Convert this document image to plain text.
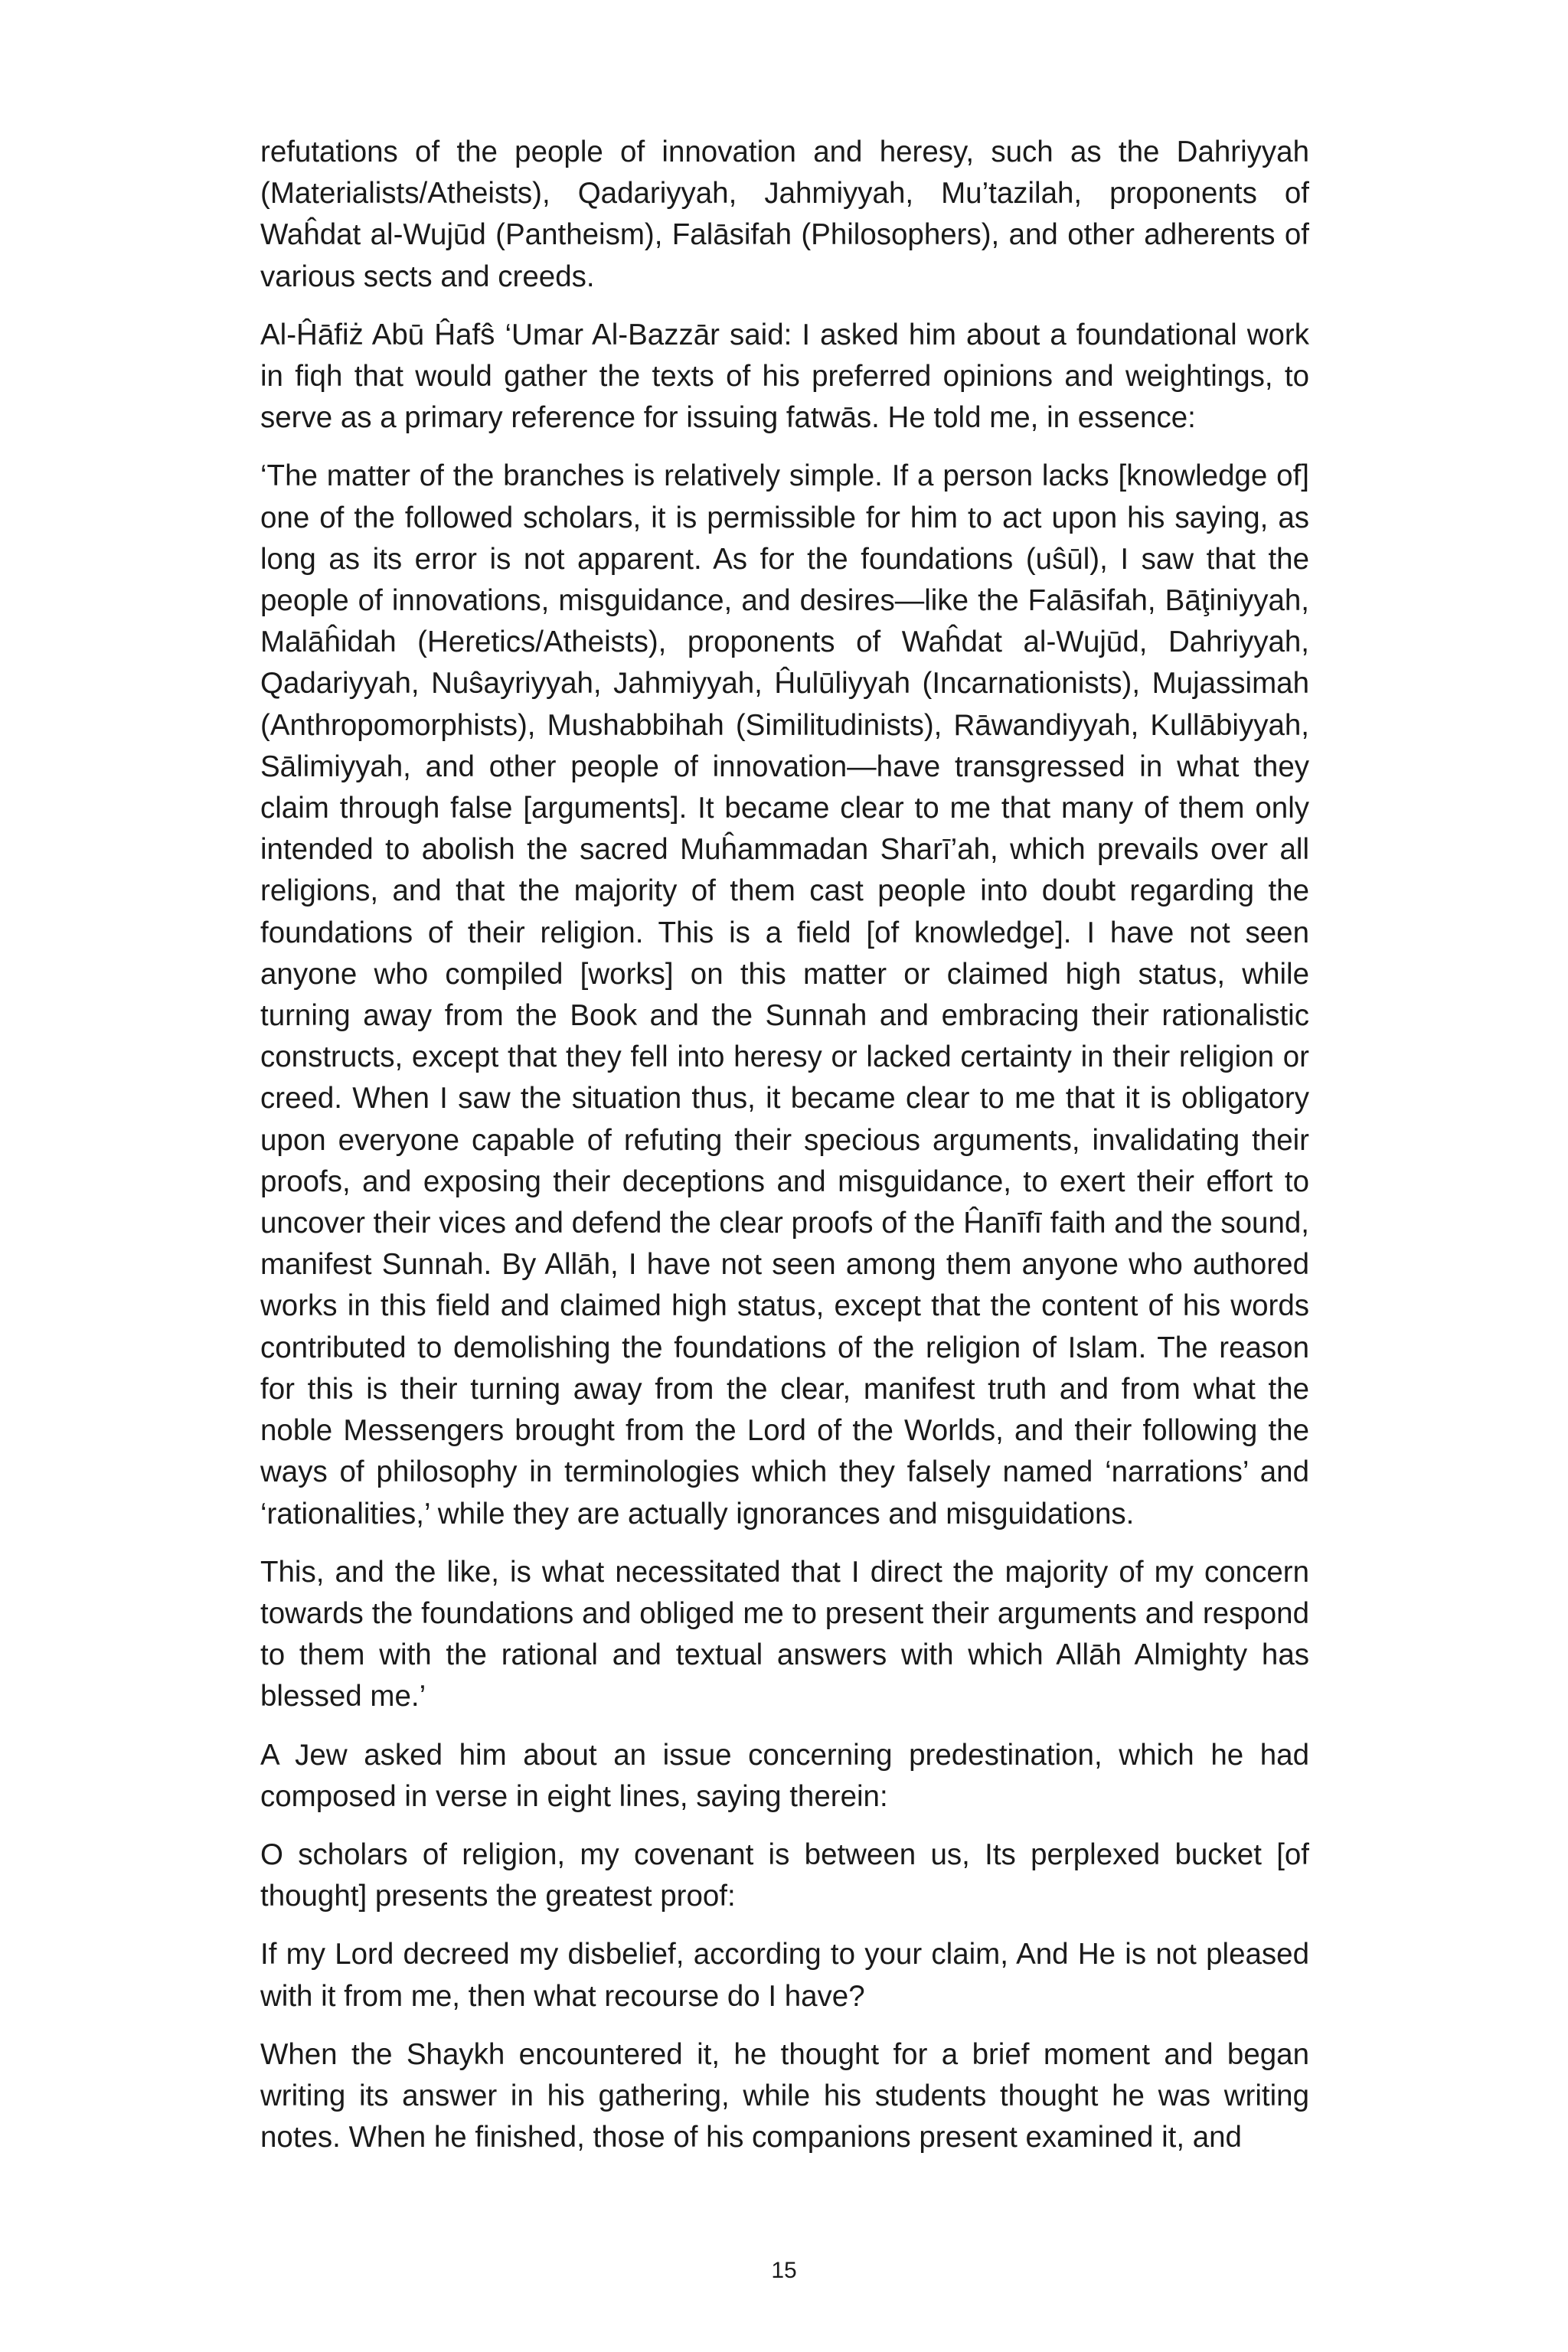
refutations of the people of innovation and heresy, such as the Dahriyyah (Materialists/Atheists), Qadariyyah, Jahmiyyah, Mu’tazilah, proponents of Waĥdat al-Wujūd (Pantheism), Falāsifah (Philosophers), and other adherents of various sects and creeds.

Al-Ĥāfiż Abū Ĥafŝ ‘Umar Al-Bazzār said: I asked him about a foundational work in fiqh that would gather the texts of his preferred opinions and weightings, to serve as a primary reference for issuing fatwās. He told me, in essence:

‘The matter of the branches is relatively simple. If a person lacks [knowledge of] one of the followed scholars, it is permissible for him to act upon his saying, as long as its error is not apparent. As for the foundations (uŝūl), I saw that the people of innovations, misguidance, and desires—like the Falāsifah, Bāţiniyyah, Malāĥidah (Heretics/Atheists), proponents of Waĥdat al-Wujūd, Dahriyyah, Qadariyyah, Nuŝayriyyah, Jahmiyyah, Ĥulūliyyah (Incarnationists), Mujassimah (Anthropomorphists), Mushabbihah (Similitudinists), Rāwandiyyah, Kullābiyyah, Sālimiyyah, and other people of innovation—have transgressed in what they claim through false [arguments]. It became clear to me that many of them only intended to abolish the sacred Muĥammadan Sharī’ah, which prevails over all religions, and that the majority of them cast people into doubt regarding the foundations of their religion. This is a field [of knowledge]. I have not seen anyone who compiled [works] on this matter or claimed high status, while turning away from the Book and the Sunnah and embracing their rationalistic constructs, except that they fell into heresy or lacked certainty in their religion or creed. When I saw the situation thus, it became clear to me that it is obligatory upon everyone capable of refuting their specious arguments, invalidating their proofs, and exposing their deceptions and misguidance, to exert their effort to uncover their vices and defend the clear proofs of the Ĥanīfī faith and the sound, manifest Sunnah. By Allāh, I have not seen among them anyone who authored works in this field and claimed high status, except that the content of his words contributed to demolishing the foundations of the religion of Islam. The reason for this is their turning away from the clear, manifest truth and from what the noble Messengers brought from the Lord of the Worlds, and their following the ways of philosophy in terminologies which they falsely named ‘narrations’ and ‘rationalities,’ while they are actually ignorances and misguidations.

This, and the like, is what necessitated that I direct the majority of my concern towards the foundations and obliged me to present their arguments and respond to them with the rational and textual answers with which Allāh Almighty has blessed me.’

A Jew asked him about an issue concerning predestination, which he had composed in verse in eight lines, saying therein:

O scholars of religion, my covenant is between us, Its perplexed bucket [of thought] presents the greatest proof:

If my Lord decreed my disbelief, according to your claim, And He is not pleased with it from me, then what recourse do I have?

When the Shaykh encountered it, he thought for a brief moment and began writing its answer in his gathering, while his students thought he was writing notes. When he finished, those of his companions present examined it, and

15
